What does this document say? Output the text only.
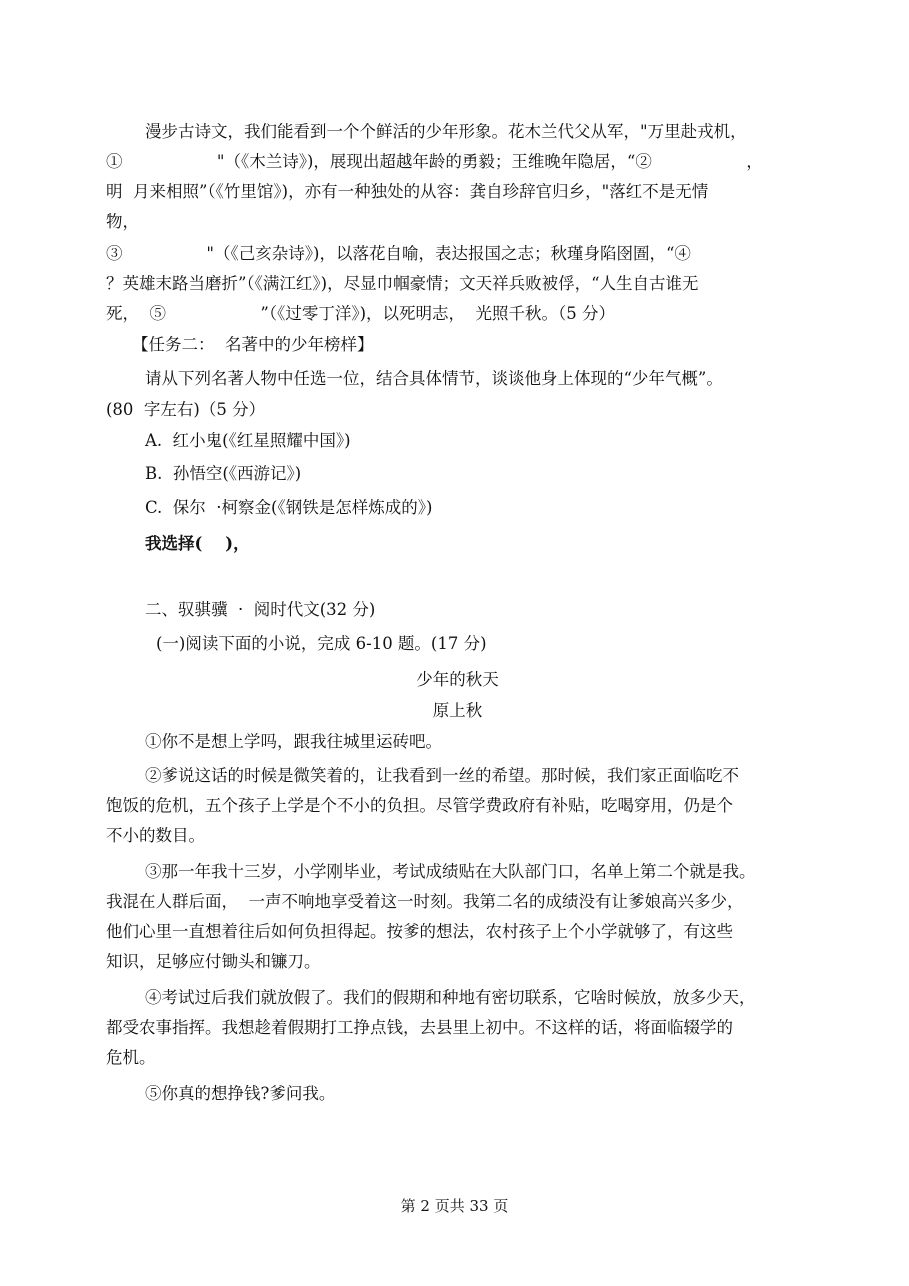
漫步古诗文，我们能看到一个个鲜活的少年形象。花木兰代父从军，"万里赴戎机，
①                  "（《木兰诗》)，展现出超越年龄的勇毅；王维晚年隐居，“②                  ，
明  月来相照”（《竹里馆》)，亦有一种独处的从容：龚自珍辞官归乡，"落红不是无情
物，
③                "（《己亥杂诗》)，以落花自喻，表达报国之志；秋瑾身陷囹圄，“④
？英雄末路当磨折”（《满江红》)，尽显巾帼豪情；文天祥兵败被俘，“人生自古谁无
死，  ⑤                  ”（《过零丁洋》)，以死明志，  光照千秋。（5 分）
【任务二：  名著中的少年榜样】
请从下列名著人物中任选一位，结合具体情节，谈谈他身上体现的“少年气概”。
(80  字左右)（5 分）
A.  红小鬼(《红星照耀中国》)
B.  孙悟空(《西游记》)
C.  保尔  ·柯察金(《钢铁是怎样炼成的》)
我选择(    )，
二、驭骐骥  ·  阅时代文(32 分)
(一)阅读下面的小说，完成 6-10 题。(17 分)
少年的秋天
原上秋
①你不是想上学吗，跟我往城里运砖吧。
②爹说这话的时候是微笑着的，让我看到一丝的希望。那时候，我们家正面临吃不
饱饭的危机，五个孩子上学是个不小的负担。尽管学费政府有补贴，吃喝穿用，仍是个
不小的数目。
③那一年我十三岁，小学刚毕业，考试成绩贴在大队部门口，名单上第二个就是我。
我混在人群后面，  一声不响地享受着这一时刻。我第二名的成绩没有让爹娘高兴多少，
他们心里一直想着往后如何负担得起。按爹的想法，农村孩子上个小学就够了，有这些
知识，足够应付锄头和镰刀。
④考试过后我们就放假了。我们的假期和种地有密切联系，它啥时候放，放多少天，
都受农事指挥。我想趁着假期打工挣点钱，去县里上初中。不这样的话，将面临辍学的
危机。
⑤你真的想挣钱?爹问我。
第 2 页共 33 页
